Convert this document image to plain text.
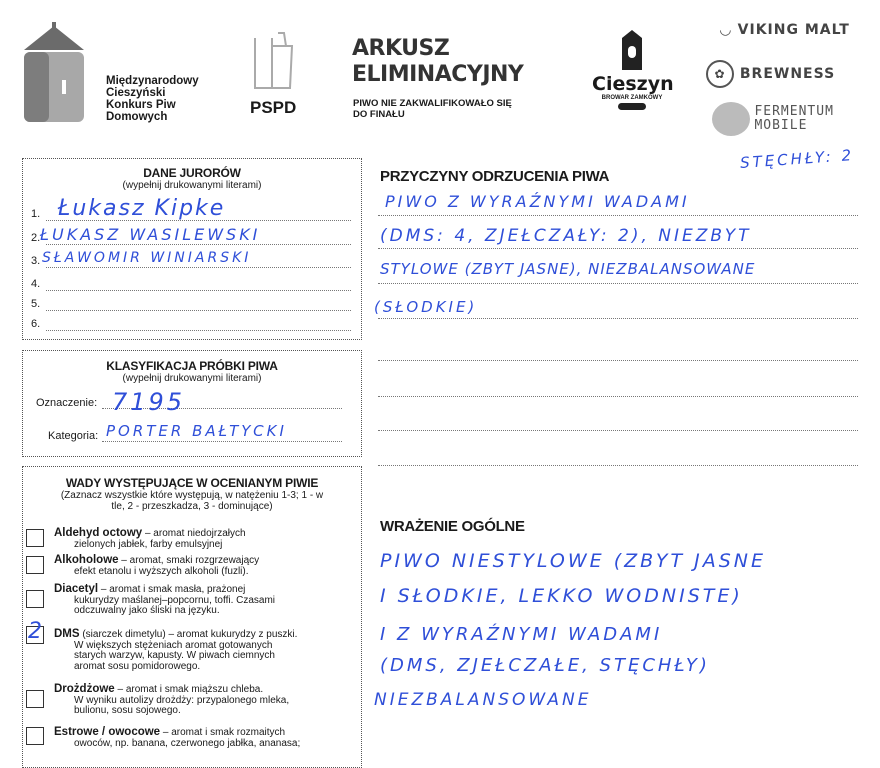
Międzynarodowy
Cieszyński
Konkurs Piw
Domowych	PSPD
ARKUSZ
ELIMINACYJNY
PIWO NIE ZAKWALIFIKOWAŁO SIĘ
DO FINAŁU
Cieszyn
BROWAR ZAMKOWY
◡ VIKING MALT
✿ BREWNESS
FERMENTUM
MOBILE
DANE JURORÓW
(wypełnij drukowanymi literami)
1. Łukasz Kipke
2. ŁUKASZ WASILEWSKI
3. SŁAWOMIR WINIARSKI
4.
5.
6.
KLASYFIKACJA PRÓBKI PIWA
(wypełnij drukowanymi literami)
Oznaczenie: 7195
Kategoria: PORTER BAŁTYCKI
WADY WYSTĘPUJĄCE W OCENIANYM PIWIE
(Zaznacz wszystkie które występują, w natężeniu 1-3; 1 - w
tle, 2 - przeszkadza, 3 - dominujące)
Aldehyd octowy – aromat niedojrzałych
zielonych jabłek, farby emulsyjnej
Alkoholowe – aromat, smaki rozgrzewający
efekt etanolu i wyższych alkoholi (fuzli).
Diacetyl – aromat i smak masła, prażonej
kukurydzy maślanej–popcornu, toffi. Czasami
odczuwalny jako śliski na języku.
2 DMS (siarczek dimetylu) – aromat kukurydzy z puszki.
W większych stężeniach aromat gotowanych
starych warzyw, kapusty. W piwach ciemnych
aromat sosu pomidorowego.
Drożdżowe – aromat i smak miąższu chleba.
W wyniku autolizy drożdży: przypalonego mleka,
bulionu, sosu sojowego.
Estrowe / owocowe – aromat i smak rozmaitych
owoców, np. banana, czerwonego jabłka, ananasa;
PRZYCZYNY ODRZUCENIA PIWA
STĘCHŁY: 2
PIWO Z WYRAŹNYMI WADAMI
(DMS: 4, ZJEŁCZAŁY: 2), NIEZBYT
STYLOWE (ZBYT JASNE), NIEZBALANSOWANE
(SŁODKIE)
WRAŻENIE OGÓLNE
PIWO NIESTYLOWE (ZBYT JASNE
I SŁODKIE, LEKKO WODNISTE)
I Z WYRAŹNYMI WADAMI
(DMS, ZJEŁCZAŁE, STĘCHŁY)
NIEZBALANSOWANE
